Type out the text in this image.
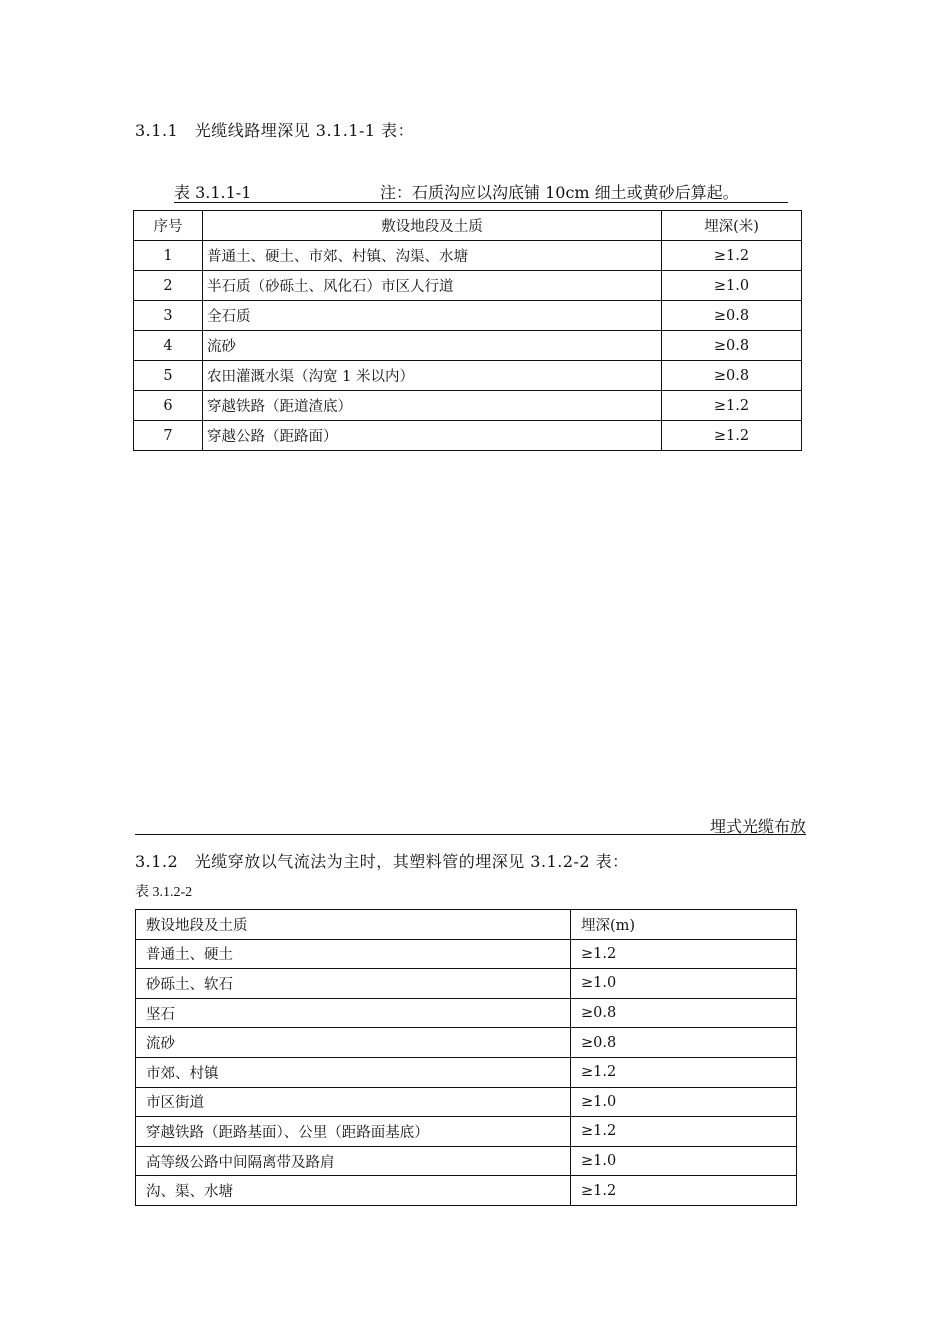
3.1.1　光缆线路埋深见 3.1.1-1 表：
表 3.1.1-1	注：石质沟应以沟底铺 10cm 细土或黄砂后算起。
序号	敷设地段及土质	埋深(米)
1	普通土、硬土、市郊、村镇、沟渠、水塘	≥1.2
2	半石质（砂砾土、风化石）市区人行道	≥1.0
3	全石质	≥0.8
4	流砂	≥0.8
5	农田灌溉水渠（沟宽 1 米以内）	≥0.8
6	穿越铁路（距道渣底）	≥1.2
7	穿越公路（距路面）	≥1.2
埋式光缆布放
3.1.2　光缆穿放以气流法为主时，其塑料管的埋深见 3.1.2-2 表：
表 3.1.2-2
敷设地段及土质	埋深(m)
普通土、硬土	≥1.2
砂砾土、软石	≥1.0
坚石	≥0.8
流砂	≥0.8
市郊、村镇	≥1.2
市区街道	≥1.0
穿越铁路（距路基面）、公里（距路面基底）	≥1.2
高等级公路中间隔离带及路肩	≥1.0
沟、渠、水塘	≥1.2
